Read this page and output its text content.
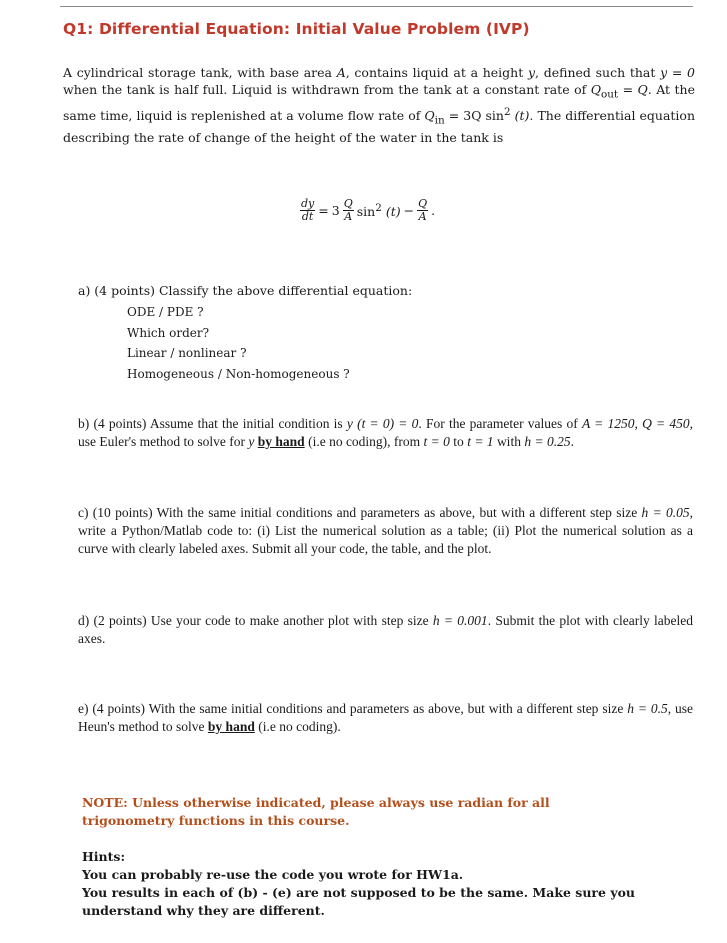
Q1: Differential Equation: Initial Value Problem (IVP)
A cylindrical storage tank, with base area A, contains liquid at a height y, defined such that y = 0 when the tank is half full. Liquid is withdrawn from the tank at a constant rate of $Q_{out} = Q$. At the same time, liquid is replenished at a volume flow rate of $Q_{in} = 3Q$ $\sin^2 (t)$. The differential equation describing the rate of change of the height of the water in the tank is
$\frac{dy}{dt} = 3 \frac{Q}{A} \sin^2 (t) - \frac{Q}{A}$ .
a) (4 points) Classify the above differential equation:
ODE / PDE ?
Which order?
Linear / nonlinear ?
Homogeneous / Non-homogeneous ?
b) (4 points) Assume that the initial condition is y (t = 0) = 0. For the parameter values of A = 1250, Q = 450, use Euler's method to solve for y by hand (i.e no coding), from t = 0 to t = 1 with h = 0.25.
c) (10 points) With the same initial conditions and parameters as above, but with a different step size h = 0.05, write a Python/Matlab code to: (i) List the numerical solution as a table; (ii) Plot the numerical solution as a curve with clearly labeled axes. Submit all your code, the table, and the plot.
d) (2 points) Use your code to make another plot with step size h = 0.001. Submit the plot with clearly labeled axes.
e) (4 points) With the same initial conditions and parameters as above, but with a different step size h = 0.5, use Heun's method to solve by hand (i.e no coding).
NOTE: Unless otherwise indicated, please always use radian for all trigonometry functions in this course.
Hints:
You can probably re-use the code you wrote for HW1a.
You results in each of (b) - (e) are not supposed to be the same. Make sure you understand why they are different.
